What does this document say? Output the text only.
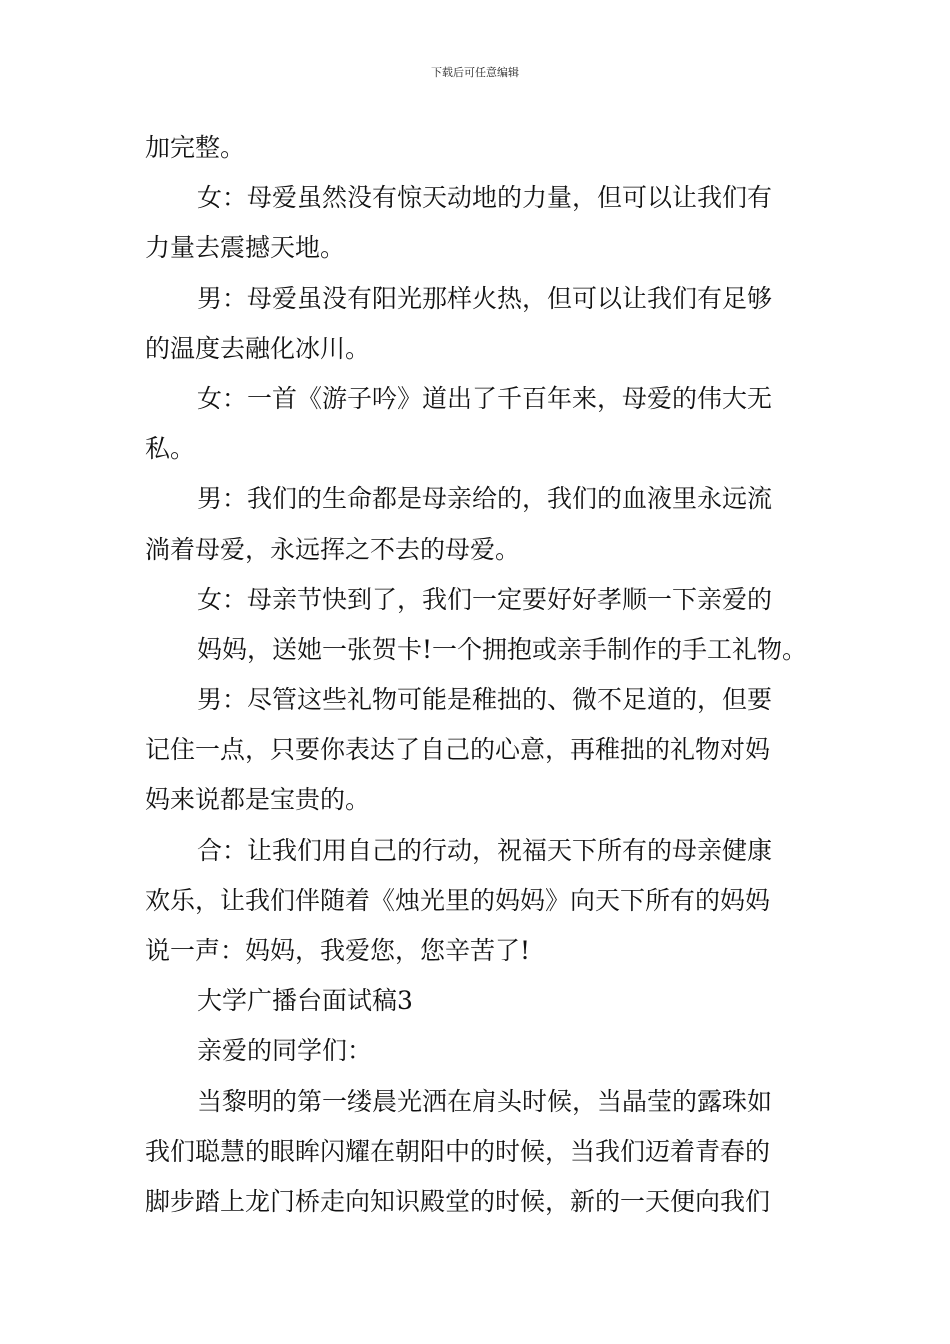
下载后可任意编辑
加完整。
女：母爱虽然没有惊天动地的力量，但可以让我们有
力量去震撼天地。
男：母爱虽没有阳光那样火热，但可以让我们有足够
的温度去融化冰川。
女：一首《游子吟》道出了千百年来，母爱的伟大无
私。
男：我们的生命都是母亲给的，我们的血液里永远流
淌着母爱，永远挥之不去的母爱。
女：母亲节快到了，我们一定要好好孝顺一下亲爱的
妈妈，送她一张贺卡!一个拥抱或亲手制作的手工礼物。
男：尽管这些礼物可能是稚拙的、微不足道的，但要
记住一点，只要你表达了自己的心意，再稚拙的礼物对妈
妈来说都是宝贵的。
合：让我们用自己的行动，祝福天下所有的母亲健康
欢乐，让我们伴随着《烛光里的妈妈》向天下所有的妈妈
说一声：妈妈，我爱您，您辛苦了!
大学广播台面试稿3
亲爱的同学们：
当黎明的第一缕晨光洒在肩头时候，当晶莹的露珠如
我们聪慧的眼眸闪耀在朝阳中的时候，当我们迈着青春的
脚步踏上龙门桥走向知识殿堂的时候，新的一天便向我们
